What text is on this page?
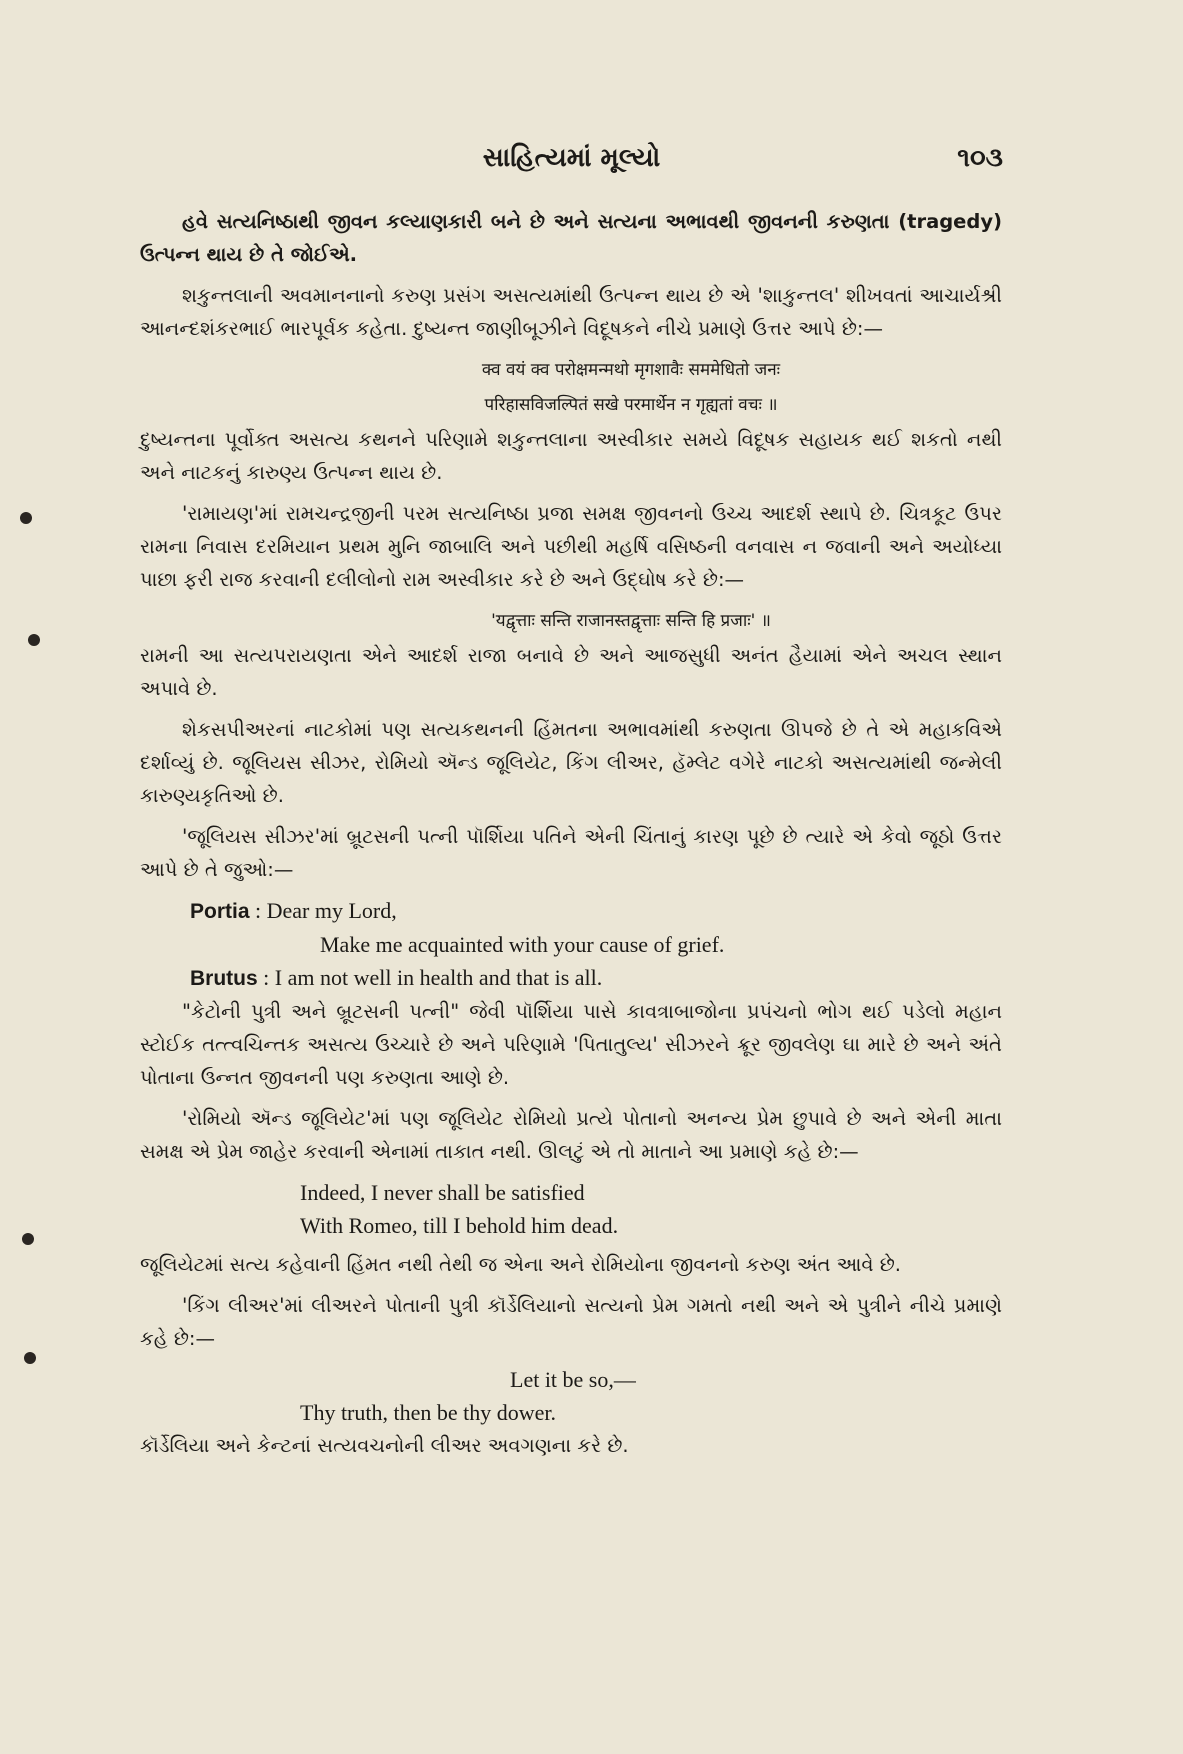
સાહિત્યમાં મૂલ્યો	૧૦૩

હવે સત્યનિષ્ઠાથી જીવન કલ્યાણકારી બને છે અને સત્યના અભાવથી જીવનની કરુણતા (tragedy) ઉત્પન્ન થાય છે તે જોઈએ.

શકુન્તલાની અવમાનનાનો કરુણ પ્રસંગ અસત્યમાંથી ઉત્પન્ન થાય છે એ 'શાકુન્તલ' શીખવતાં આચાર્યશ્રી આનન્દશંકરભાઈ ભારપૂર્વક કહેતા. દુષ્યન્ત જાણીબૂઝીને વિદૂષકને નીચે પ્રમાણે ઉત્તર આપે છે:—

क्व वयं क्व परोक्षमन्मथो मृगशावैः सममेधितो जनः

परिहासविजल्पितं सखे परमार्थेन न गृह्यतां वचः ॥

દુષ્યન્તના પૂર્વોક્ત અસત્ય કથનને પરિણામે શકુન્તલાના અસ્વીકાર સમયે વિદૂષક સહાયક થઈ શકતો નથી અને નાટકનું કારુણ્ય ઉત્પન્ન થાય છે.

'રામાયણ'માં રામચન્દ્રજીની પરમ સત્યનિષ્ઠા પ્રજા સમક્ષ જીવનનો ઉચ્ચ આદર્શ સ્થાપે છે. ચિત્રકૂટ ઉપર રામના નિવાસ દરમિયાન પ્રથમ મુનિ જાબાલિ અને પછીથી મહર્ષિ વસિષ્ઠની વનવાસ ન જવાની અને અયોધ્યા પાછા ફરી રાજ કરવાની દલીલોનો રામ અસ્વીકાર કરે છે અને ઉદ્‌ઘોષ કરે છે:—

'यद्वृत्ताः सन्ति राजानस्तद्वृत्ताः सन्ति हि प्रजाः' ॥

રામની આ સત્યપરાયણતા એને આદર્શ રાજા બનાવે છે અને આજસુધી અનંત હૈયામાં એને અચલ સ્થાન અપાવે છે.

શેકસપીઅરનાં નાટકોમાં પણ સત્યકથનની હિંમતના અભાવમાંથી કરુણતા ઊપજે છે તે એ મહાકવિએ દર્શાવ્યું છે. જૂલિયસ સીઝર, રોમિયો ઍન્ડ જૂલિયેટ, કિંગ લીઅર, હૅમ્લેટ વગેરે નાટકો અસત્યમાંથી જન્મેલી કારુણ્યકૃતિઓ છે.

'જૂલિયસ સીઝર'માં બ્રૂટસની પત્ની પૉર્શિયા પતિને એની ચિંતાનું કારણ પૂછે છે ત્યારે એ કેવો જૂઠો ઉત્તર આપે છે તે જુઓ:—

Portia : Dear my Lord,

Make me acquainted with your cause of grief.

Brutus : I am not well in health and that is all.

"કેટોની પુત્રી અને બ્રૂટસની પત્ની" જેવી પૉર્શિયા પાસે કાવત્રાબાજોના પ્રપંચનો ભોગ થઈ પડેલો મહાન સ્ટોઈક તત્ત્વચિન્તક અસત્ય ઉચ્ચારે છે અને પરિણામે 'પિતાતુલ્ય' સીઝરને ક્રૂર જીવલેણ ઘા મારે છે અને અંતે પોતાના ઉન્નત જીવનની પણ કરુણતા આણે છે.

'રોમિયો ઍન્ડ જૂલિયેટ'માં પણ જૂલિયેટ રોમિયો પ્રત્યે પોતાનો અનન્ય પ્રેમ છુપાવે છે અને એની માતા સમક્ષ એ પ્રેમ જાહેર કરવાની એનામાં તાકાત નથી. ઊલટું એ તો માતાને આ પ્રમાણે કહે છે:—

Indeed, I never shall be satisfied

With Romeo, till I behold him dead.

જૂલિયેટમાં સત્ય કહેવાની હિંમત નથી તેથી જ એના અને રોમિયોના જીવનનો કરુણ અંત આવે છે.

'કિંગ લીઅર'માં લીઅરને પોતાની પુત્રી કૉર્ડેલિયાનો સત્યનો પ્રેમ ગમતો નથી અને એ પુત્રીને નીચે પ્રમાણે કહે છે:—

Let it be so,—

Thy truth, then be thy dower.

કૉર્ડેલિયા અને કેન્ટનાં સત્યવચનોની લીઅર અવગણના કરે છે.
